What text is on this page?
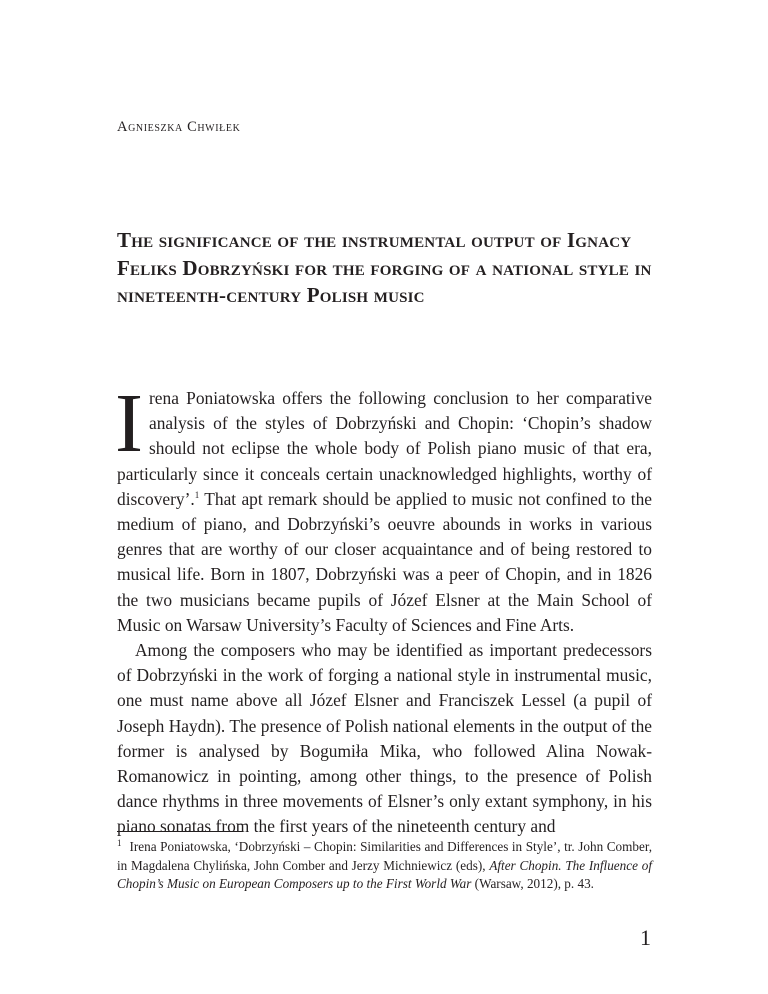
Agnieszka Chwiłek
The significance of the instrumental output of Ignacy Feliks Dobrzyński for the forging of a national style in nineteenth-century Polish music

Irena Poniatowska offers the following conclusion to her comparative analysis of the styles of Dobrzyński and Chopin: ‘Chopin’s shadow should not eclipse the whole body of Polish piano music of that era, particularly since it conceals certain unacknowledged highlights, worthy of discovery’.$^1$ That apt remark should be applied to music not confined to the medium of piano, and Dobrzyński’s oeuvre abounds in works in various genres that are worthy of our closer acquaintance and of being restored to musical life. Born in 1807, Dobrzyński was a peer of Chopin, and in 1826 the two musicians became pupils of Józef Elsner at the Main School of Music on Warsaw University’s Faculty of Sciences and Fine Arts.

Among the composers who may be identified as important predecessors of Dobrzyński in the work of forging a national style in instrumental music, one must name above all Józef Elsner and Franciszek Lessel (a pupil of Joseph Haydn). The presence of Polish national elements in the output of the former is analysed by Bogumiła Mika, who followed Alina Nowak-Romanowicz in pointing, among other things, to the presence of Polish dance rhythms in three movements of Elsner’s only extant symphony, in his piano sonatas from the first years of the nineteenth century and

$^1$ Irena Poniatowska, ‘Dobrzyński – Chopin: Similarities and Differences in Style’, tr. John Comber, in Magdalena Chylińska, John Comber and Jerzy Michniewicz (eds), After Chopin. The Influence of Chopin’s Music on European Composers up to the First World War (Warsaw, 2012), p. 43.
1
